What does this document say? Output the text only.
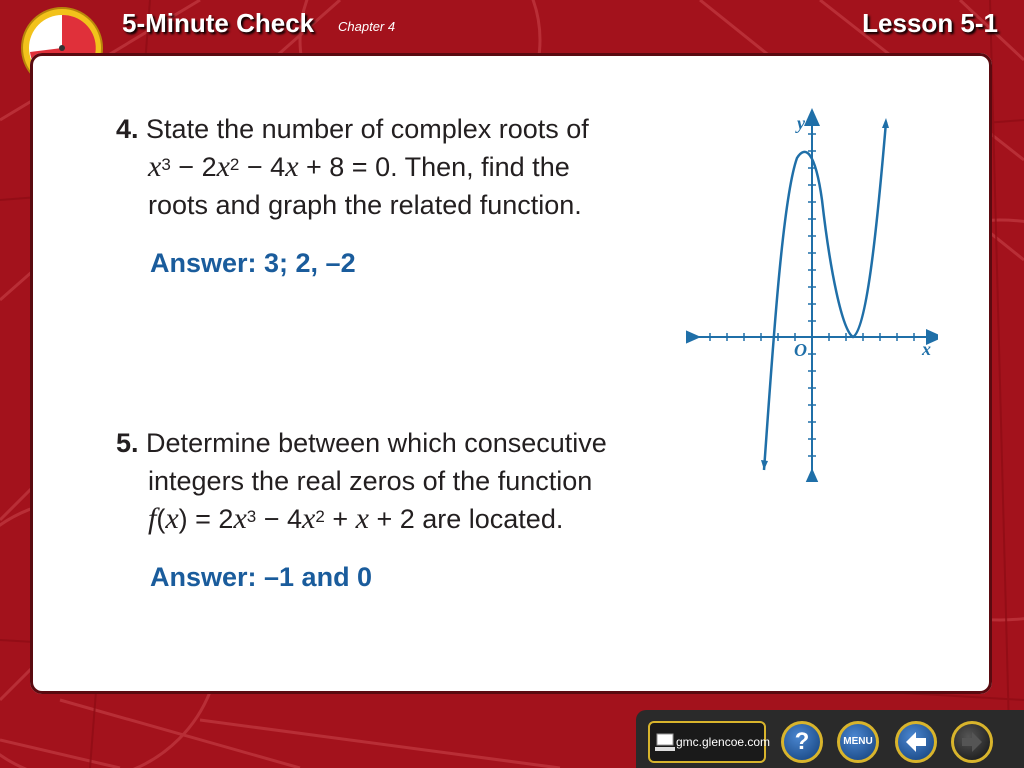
5-Minute Check Chapter 4	Lesson 5-1
4. State the number of complex roots of
$x^3 - 2x^2 - 4x + 8 = 0$. Then, find the
roots and graph the related function.
Answer: 3; 2, –2
5. Determine between which consecutive
integers the real zeros of the function
$f(x) = 2x^3 - 4x^2 + x + 2$ are located.
Answer: –1 and 0
y
x
O
gmc.glencoe.com	?	MENU
